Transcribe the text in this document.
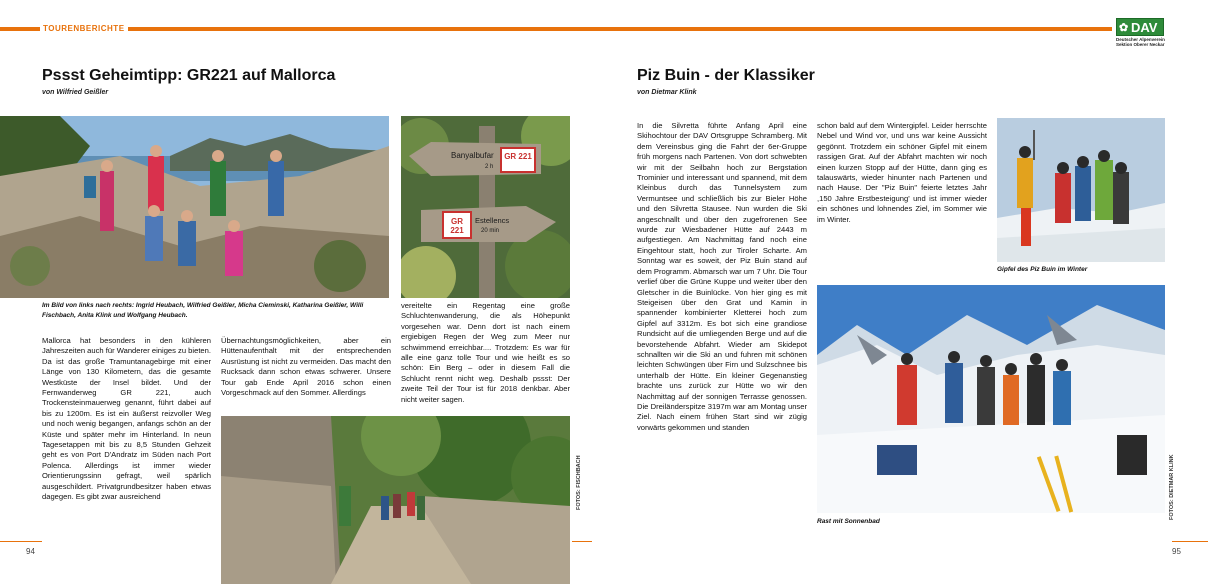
TOURENBERICHTE	✿ DAV
Deutscher Alpenverein
Sektion Oberer Neckar
Pssst Geheimtipp: GR221 auf Mallorca
von Wilfried Geißler
Banyalbufar GR 221
2 h
GR 221
Estellencs
20 min
Im Bild von links nach rechts: Ingrid Heubach, Wilfried Geißler, Micha Cieminski, Katharina Geißler, Willi Fischbach, Anita Klink und Wolfgang Heubach.
Mallorca hat besonders in den kühleren Jahreszeiten auch für Wanderer einiges zu bieten. Da ist das große Tramuntanagebirge mit einer Länge von 130 Kilometern, das die gesamte Westküste der Insel bildet. Und der Fernwanderweg GR 221, auch Trockensteinmauerweg genannt, führt dabei auf bis zu 1200m. Es ist ein äußerst reizvoller Weg und noch wenig begangen, anfangs schön an der Küste und später mehr im Hinterland. In neun Tagesetappen mit bis zu 8,5 Stunden Gehzeit geht es von Port D'Andratz im Süden nach Port Polenca. Allerdings ist immer wieder Orientierungssinn gefragt, weil spärlich ausgeschildert. Privatgrundbesitzer haben etwas dagegen. Es gibt zwar ausreichend
Übernachtungsmöglichkeiten, aber ein Hüttenaufenthalt mit der entsprechenden Ausrüstung ist nicht zu vermeiden. Das macht den Rucksack dann schon etwas schwerer. Unsere Tour gab Ende April 2016 schon einen Vorgeschmack auf den Sommer. Allerdings
vereitelte ein Regentag eine große Schluchtenwanderung, die als Höhepunkt vorgesehen war. Denn dort ist nach einem ergiebigen Regen der Weg zum Meer nur schwimmend erreichbar.... Trotzdem: Es war für alle eine ganz tolle Tour und wie heißt es so schön: Ein Berg – oder in diesem Fall die Schlucht rennt nicht weg. Deshalb pssst: Der zweite Teil der Tour ist für 2018 denkbar. Aber nicht weiter sagen.
FOTOS: FISCHBACH
94
Piz Buin - der Klassiker
von Dietmar Klink
In die Silvretta führte Anfang April eine Skihochtour der DAV Ortsgruppe Schramberg. Mit dem Vereinsbus ging die Fahrt der 6er-Gruppe früh morgens nach Partenen. Von dort schwebten wir mit der Seilbahn hoch zur Bergstation Trominier und interessant und spannend, mit dem Kleinbus durch das Tunnelsystem zum Vermuntsee und schließlich bis zur Bieler Höhe und den Silvretta Stausee. Nun wurden die Ski angeschnallt und über den zugefrorenen See wurde zur Wiesbadener Hütte auf 2443 m aufgestiegen. Am Nachmittag fand noch eine Eingehtour statt, hoch zur Tiroler Scharte. Am Sonntag war es soweit, der Piz Buin stand auf dem Programm. Abmarsch war um 7 Uhr. Die Tour verlief über die Grüne Kuppe und weiter über den Gletscher in die Buinlücke. Von hier ging es mit Steigeisen über den Grat und Kamin in spannender kombinierter Kletterei hoch zum Gipfel auf 3312m. Es bot sich eine grandiose Rundsicht auf die umliegenden Berge und auf die bevorstehende Abfahrt. Wieder am Skidepot schnallten wir die Ski an und fuhren mit schönen leichten Schwüngen über Firn und Sulzschnee bis unterhalb der Hütte. Ein kleiner Gegenanstieg brachte uns zurück zur Hütte wo wir den Nachmittag auf der sonnigen Terrasse genossen. Die Dreiländerspitze 3197m war am Montag unser Ziel. Nach einem frühen Start sind wir zügig vorwärts gekommen und standen
schon bald auf dem Wintergipfel. Leider herrschte Nebel und Wind vor, und uns war keine Aussicht gegönnt. Trotzdem ein schöner Gipfel mit einem rassigen Grat. Auf der Abfahrt machten wir noch einen kurzen Stopp auf der Hütte, dann ging es talauswärts, wieder hinunter nach Partenen und nach Hause. Der "Piz Buin" feierte letztes Jahr ,150 Jahre Erstbesteigung' und ist immer wieder ein schönes und lohnendes Ziel, im Sommer wie im Winter.
Gipfel des Piz Buin im Winter
Rast mit Sonnenbad
FOTOS: DIETMAR KLINK
95
